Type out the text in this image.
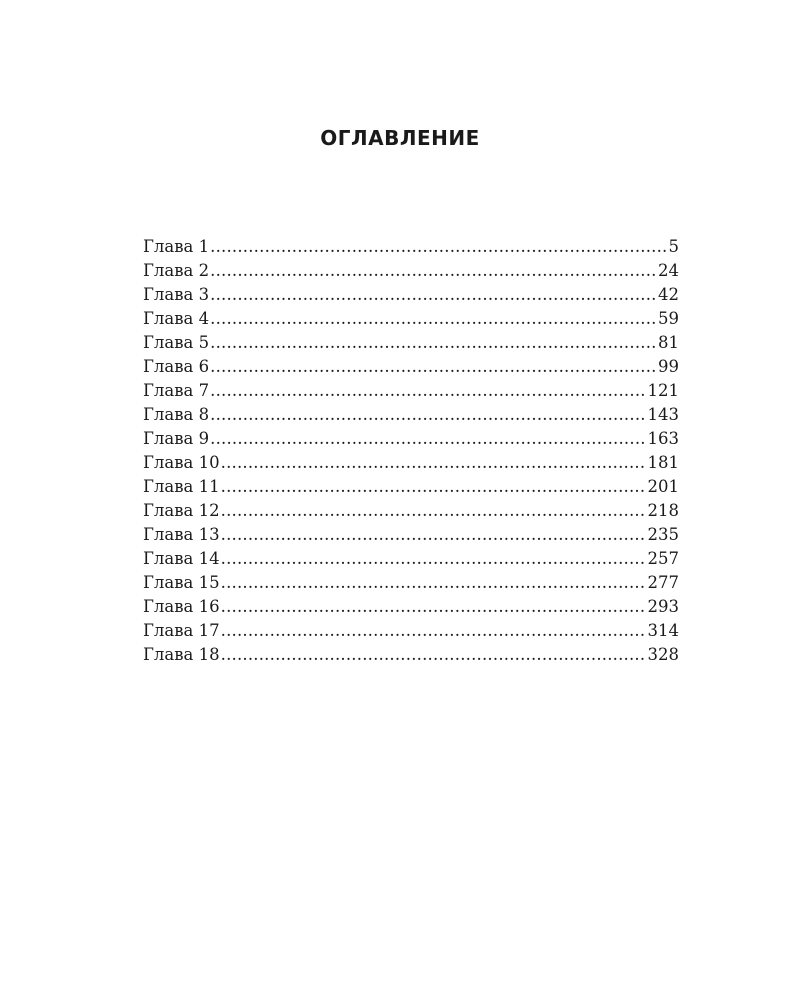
ОГЛАВЛЕНИЕ
Глава 1 .....	5
Глава 2 .....	24
Глава 3 .....	42
Глава 4 .....	59
Глава 5 .....	81
Глава 6 .....	99
Глава 7 .....	121
Глава 8 .....	143
Глава 9 .....	163
Глава 10 .....	181
Глава 11 .....	201
Глава 12 .....	218
Глава 13 .....	235
Глава 14 .....	257
Глава 15 .....	277
Глава 16 .....	293
Глава 17 .....	314
Глава 18 .....	328
